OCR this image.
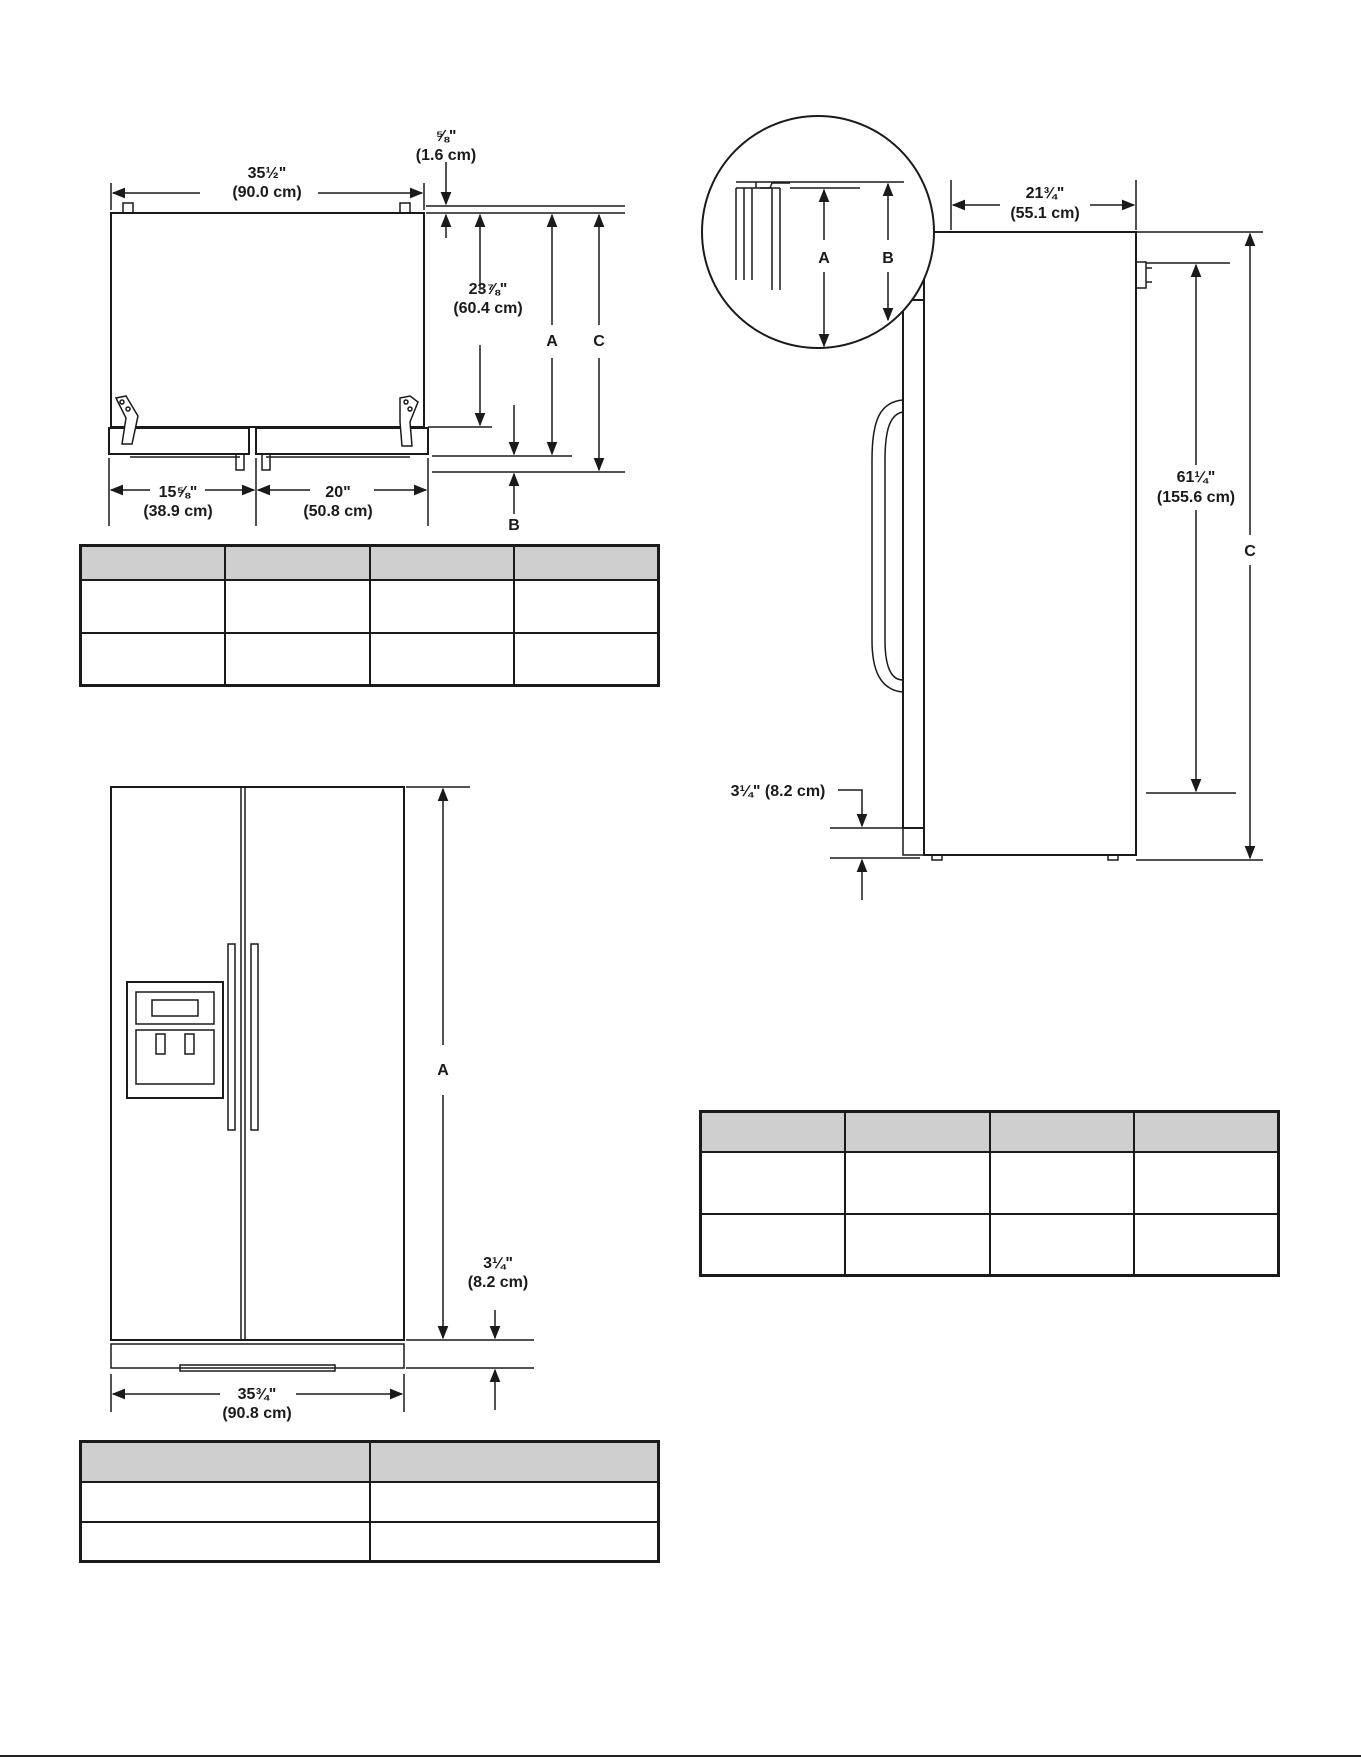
35½"
(90.0 cm)
⅝"
(1.6 cm)
23⅞"
(60.4 cm)
A C
B
15⅝"
(38.9 cm)
20"
(50.8 cm)
A
3¼"
(8.2 cm)
35¾"
(90.8 cm)
A	B
21¾"
(55.1 cm)
61¼"
(155.6 cm)
C
3¼" (8.2 cm)
